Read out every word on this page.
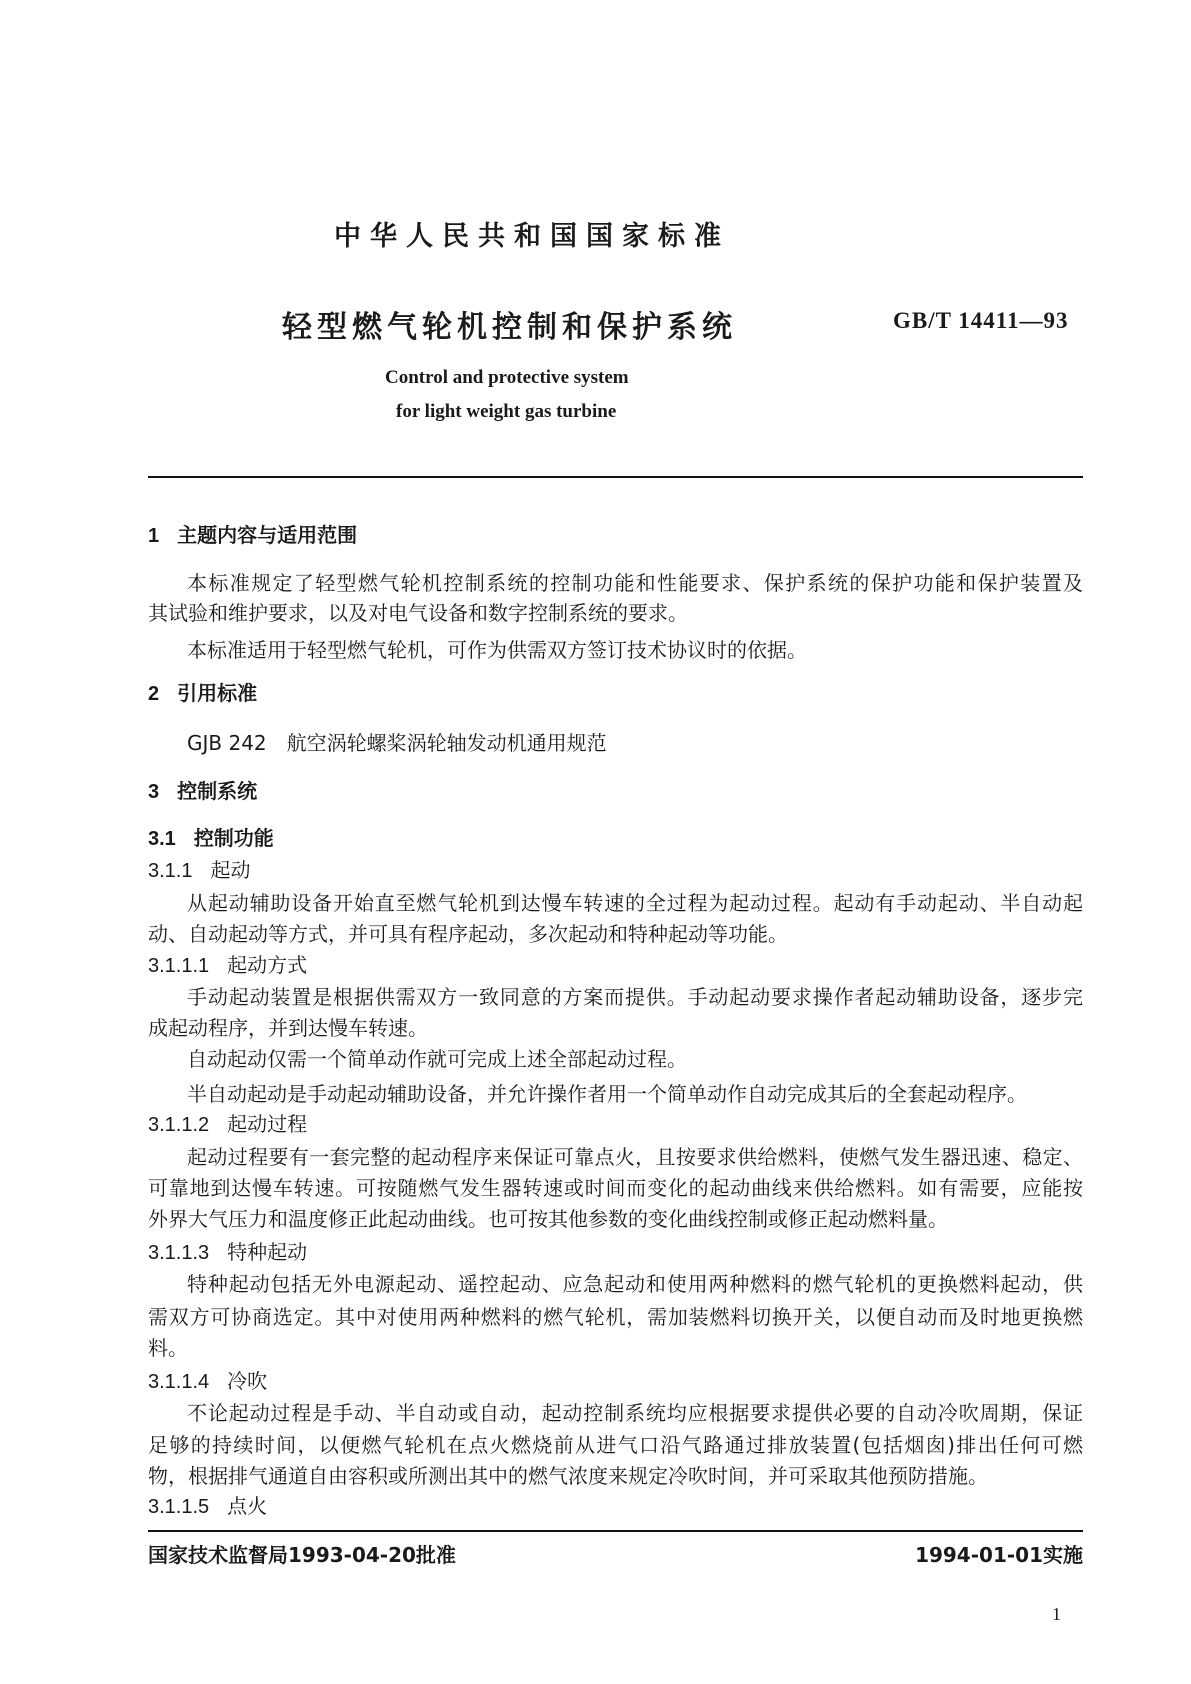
中华人民共和国国家标准
轻型燃气轮机控制和保护系统	GB/T 14411—93
Control and protective system
for light weight gas turbine
1 主题内容与适用范围
本标准规定了轻型燃气轮机控制系统的控制功能和性能要求、保护系统的保护功能和保护装置及
其试验和维护要求，以及对电气设备和数字控制系统的要求。
本标准适用于轻型燃气轮机，可作为供需双方签订技术协议时的依据。
2 引用标准
GJB 242　航空涡轮螺桨涡轮轴发动机通用规范
3 控制系统
3.1 控制功能
3.1.1 起动
从起动辅助设备开始直至燃气轮机到达慢车转速的全过程为起动过程。起动有手动起动、半自动起
动、自动起动等方式，并可具有程序起动，多次起动和特种起动等功能。
3.1.1.1 起动方式
手动起动装置是根据供需双方一致同意的方案而提供。手动起动要求操作者起动辅助设备，逐步完
成起动程序，并到达慢车转速。
自动起动仅需一个简单动作就可完成上述全部起动过程。
半自动起动是手动起动辅助设备，并允许操作者用一个简单动作自动完成其后的全套起动程序。
3.1.1.2 起动过程
起动过程要有一套完整的起动程序来保证可靠点火，且按要求供给燃料，使燃气发生器迅速、稳定、
可靠地到达慢车转速。可按随燃气发生器转速或时间而变化的起动曲线来供给燃料。如有需要，应能按
外界大气压力和温度修正此起动曲线。也可按其他参数的变化曲线控制或修正起动燃料量。
3.1.1.3 特种起动
特种起动包括无外电源起动、遥控起动、应急起动和使用两种燃料的燃气轮机的更换燃料起动，供
需双方可协商选定。其中对使用两种燃料的燃气轮机，需加装燃料切换开关，以便自动而及时地更换燃
料。
3.1.1.4 冷吹
不论起动过程是手动、半自动或自动，起动控制系统均应根据要求提供必要的自动冷吹周期，保证
足够的持续时间，以便燃气轮机在点火燃烧前从进气口沿气路通过排放装置(包括烟囱)排出任何可燃
物，根据排气通道自由容积或所测出其中的燃气浓度来规定冷吹时间，并可采取其他预防措施。
3.1.1.5 点火
国家技术监督局1993-04-20批准	1994-01-01实施
1
